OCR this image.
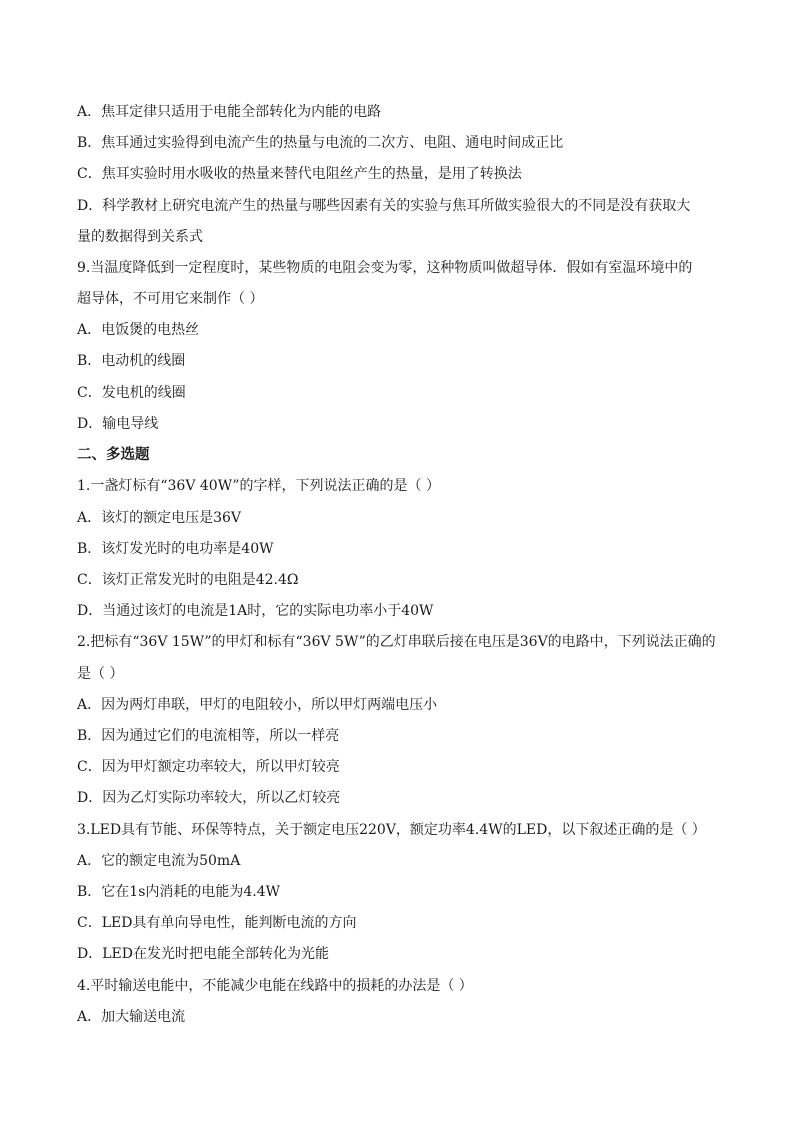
A．焦耳定律只适用于电能全部转化为内能的电路
B．焦耳通过实验得到电流产生的热量与电流的二次方、电阻、通电时间成正比
C．焦耳实验时用水吸收的热量来替代电阻丝产生的热量，是用了转换法
D．科学教材上研究电流产生的热量与哪些因素有关的实验与焦耳所做实验很大的不同是没有获取大
量的数据得到关系式
9.当温度降低到一定程度时，某些物质的电阻会变为零，这种物质叫做超导体．假如有室温环境中的
超导体，不可用它来制作（ ）
A．电饭煲的电热丝
B．电动机的线圈
C．发电机的线圈
D．输电导线
二、多选题
1.一盏灯标有“36V 40W”的字样，下列说法正确的是（ ）
A．该灯的额定电压是36V
B．该灯发光时的电功率是40W
C．该灯正常发光时的电阻是42.4Ω
D．当通过该灯的电流是1A时，它的实际电功率小于40W
2.把标有“36V 15W”的甲灯和标有“36V 5W”的乙灯串联后接在电压是36V的电路中，下列说法正确的
是（ ）
A．因为两灯串联，甲灯的电阻较小，所以甲灯两端电压小
B．因为通过它们的电流相等，所以一样亮
C．因为甲灯额定功率较大，所以甲灯较亮
D．因为乙灯实际功率较大，所以乙灯较亮
3.LED具有节能、环保等特点，关于额定电压220V，额定功率4.4W的LED，以下叙述正确的是（ ）
A．它的额定电流为50mA
B．它在1s内消耗的电能为4.4W
C．LED具有单向导电性，能判断电流的方向
D．LED在发光时把电能全部转化为光能
4.平时输送电能中，不能减少电能在线路中的损耗的办法是（ ）
A．加大输送电流
